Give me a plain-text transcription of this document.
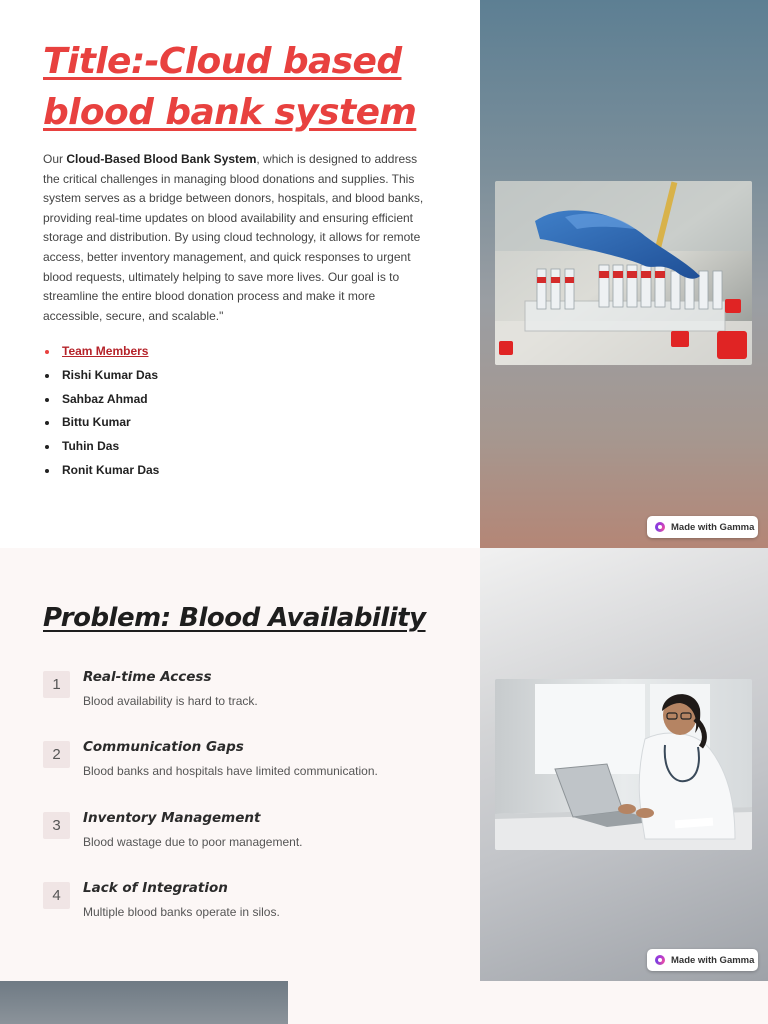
Title:-Cloud based blood bank system

Our Cloud-Based Blood Bank System, which is designed to address the critical challenges in managing blood donations and supplies. This system serves as a bridge between donors, hospitals, and blood banks, providing real-time updates on blood availability and ensuring efficient storage and distribution. By using cloud technology, it allows for remote access, better inventory management, and quick responses to urgent blood requests, ultimately helping to save more lives. Our goal is to streamline the entire blood donation process and make it more accessible, secure, and scalable."

Team Members
Rishi Kumar Das
Sahbaz Ahmad
Bittu Kumar
Tuhin Das
Ronit Kumar Das
Made with Gamma
Problem: Blood Availability
1	Real-time Access
Blood availability is hard to track.
2	Communication Gaps
Blood banks and hospitals have limited communication.
3	Inventory Management
Blood wastage due to poor management.
4	Lack of Integration
Multiple blood banks operate in silos.
Made with Gamma
